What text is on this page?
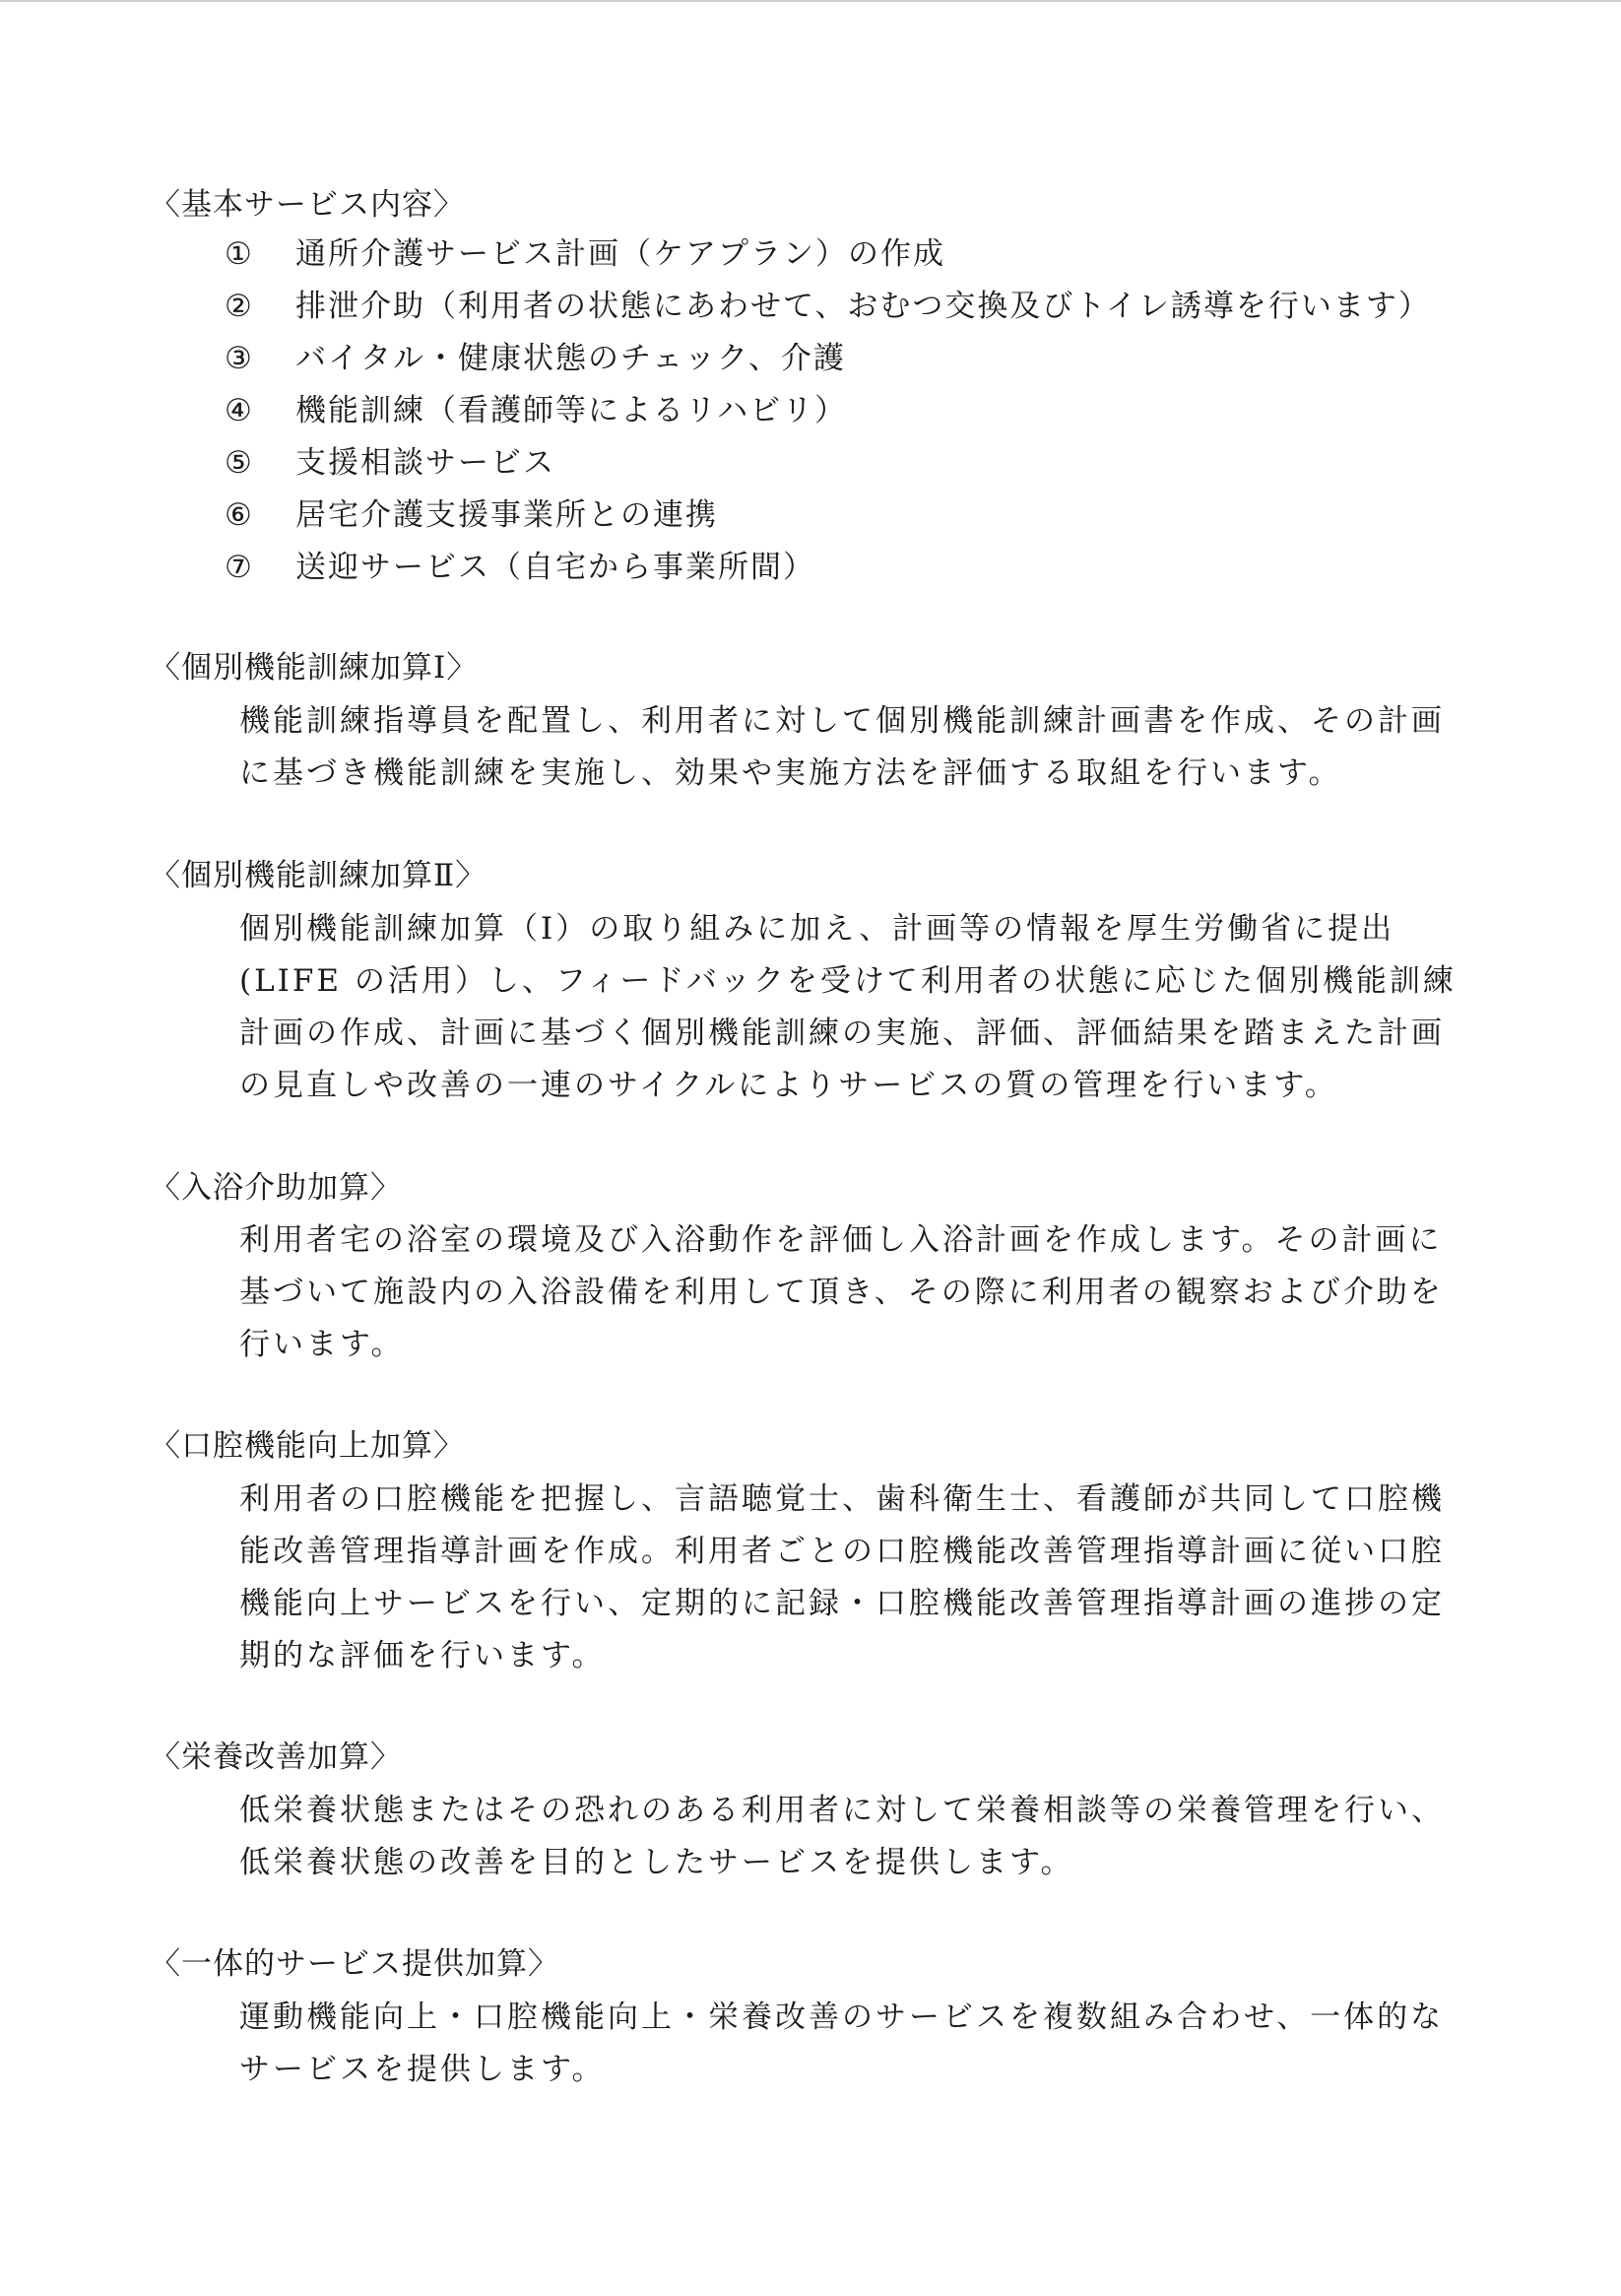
〈基本サービス内容〉
① 通所介護サービス計画（ケアプラン）の作成
② 排泄介助（利用者の状態にあわせて、おむつ交換及びトイレ誘導を行います）
③ バイタル・健康状態のチェック、介護
④ 機能訓練（看護師等によるリハビリ）
⑤ 支援相談サービス
⑥ 居宅介護支援事業所との連携
⑦ 送迎サービス（自宅から事業所間）
〈個別機能訓練加算Ⅰ〉
機能訓練指導員を配置し、利用者に対して個別機能訓練計画書を作成、その計画
に基づき機能訓練を実施し、効果や実施方法を評価する取組を行います。
〈個別機能訓練加算Ⅱ〉
個別機能訓練加算（Ⅰ）の取り組みに加え、計画等の情報を厚生労働省に提出
(LIFE の活用）し、フィードバックを受けて利用者の状態に応じた個別機能訓練
計画の作成、計画に基づく個別機能訓練の実施、評価、評価結果を踏まえた計画
の見直しや改善の一連のサイクルによりサービスの質の管理を行います。
〈入浴介助加算〉
利用者宅の浴室の環境及び入浴動作を評価し入浴計画を作成します。その計画に
基づいて施設内の入浴設備を利用して頂き、その際に利用者の観察および介助を
行います。
〈口腔機能向上加算〉
利用者の口腔機能を把握し、言語聴覚士、歯科衛生士、看護師が共同して口腔機
能改善管理指導計画を作成。利用者ごとの口腔機能改善管理指導計画に従い口腔
機能向上サービスを行い、定期的に記録・口腔機能改善管理指導計画の進捗の定
期的な評価を行います。
〈栄養改善加算〉
低栄養状態またはその恐れのある利用者に対して栄養相談等の栄養管理を行い、
低栄養状態の改善を目的としたサービスを提供します。
〈一体的サービス提供加算〉
運動機能向上・口腔機能向上・栄養改善のサービスを複数組み合わせ、一体的な
サービスを提供します。
